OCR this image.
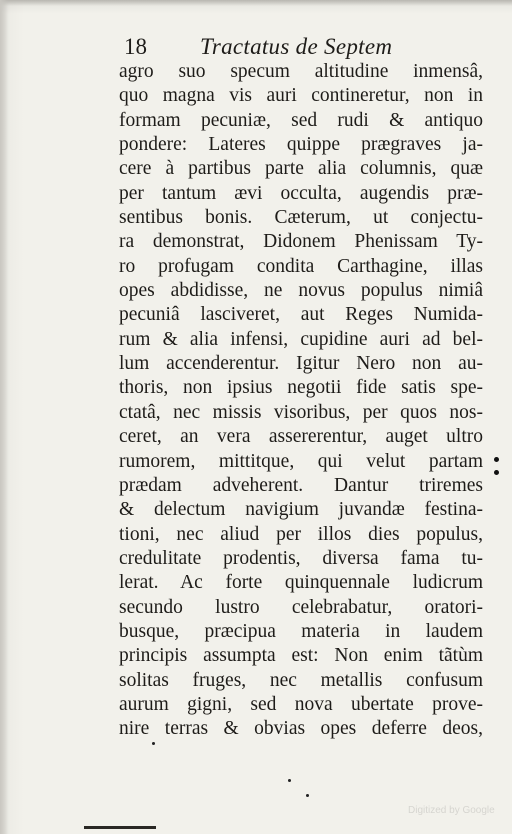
18 Tractatus de Septem
agro suo specum altitudine inmensâ,
quo magna vis auri contineretur, non in
formam pecuniæ, sed rudi & antiquo
pondere: Lateres quippe prægraves ja-
cere à partibus parte alia columnis, quæ
per tantum ævi occulta, augendis præ-
sentibus bonis. Cæterum, ut conjectu-
ra demonstrat, Didonem Phenissam Ty-
ro profugam condita Carthagine, illas
opes abdidisse, ne novus populus nimiâ
pecuniâ lasciveret, aut Reges Numida-
rum & alia infensi, cupidine auri ad bel-
lum accenderentur. Igitur Nero non au-
thoris, non ipsius negotii fide satis spe-
ctatâ, nec missis visoribus, per quos nos-
ceret, an vera assererentur, auget ultro
rumorem, mittitque, qui velut partam
prædam adveherent. Dantur triremes
& delectum navigium juvandæ festina-
tioni, nec aliud per illos dies populus,
credulitate prodentis, diversa fama tu-
lerat. Ac forte quinquennale ludicrum
secundo lustro celebrabatur, oratori-
busque, præcipua materia in laudem
principis assumpta est: Non enim tãtùm
solitas fruges, nec metallis confusum
aurum gigni, sed nova ubertate prove-
nire terras & obvias opes deferre deos,
Digitized by Google
